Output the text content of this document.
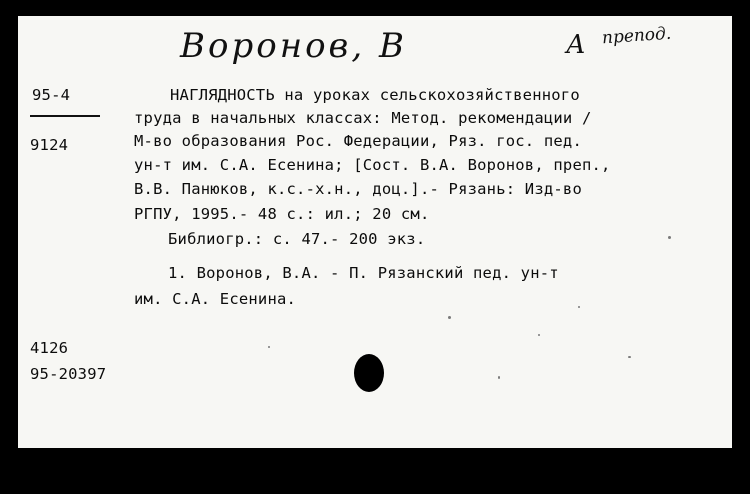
Воронов, В	А препод.
95-4
9124
НАГЛЯДНОСТЬ на уроках сельскохозяйственного
труда в начальных классах: Метод. рекомендации /
М-во образования Рос. Федерации, Ряз. гос. пед.
ун-т им. С.А. Есенина; [Сост. В.А. Воронов, преп.,
В.В. Панюков, к.с.-х.н., доц.].- Рязань: Изд-во
РГПУ, 1995.- 48 с.: ил.; 20 см.
Библиогр.: с. 47.- 200 экз.
1. Воронов, В.А. - П. Рязанский пед. ун-т
им. С.А. Есенина.
4126
95-20397
